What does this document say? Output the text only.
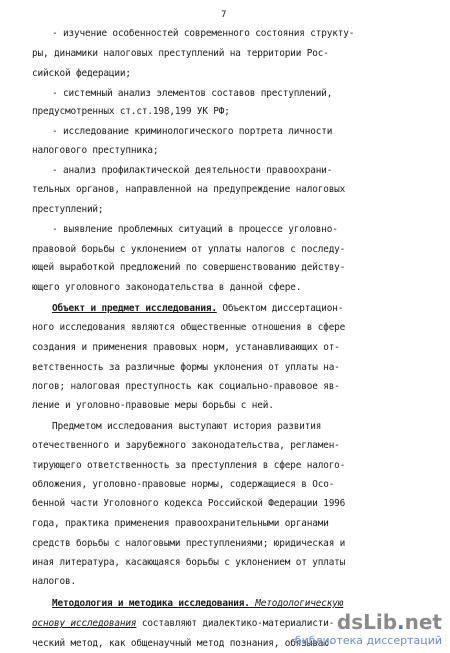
7
- изучение особенностей современного состояния структу-
ры, динамики налоговых преступлений на территории Рос-
сийской федерации;
- системный анализ элементов составов преступлений,
предусмотренных ст.ст.198,199 УК РФ;
- исследование криминологического портрета личности
налогового преступника;
- анализ профилактической деятельности правоохрани-
тельных органов, направленной на предупреждение налоговых
преступлений;
- выявление проблемных ситуаций в процессе уголовно-
правовой борьбы с уклонением от уплаты налогов с последу-
ющей выработкой предложений по совершенствованию действу-
ющего уголовного законодательства в данной сфере.
Объект и предмет исследования. Объектом диссертацион-
ного исследования являются общественные отношения в сфере
создания и применения правовых норм, устанавливающих от-
ветственность за различные формы уклонения от уплаты на-
логов; налоговая преступность как социально-правовое яв-
ление и уголовно-правовые меры борьбы с ней.
Предметом исследования выступают история развития
отечественного и зарубежного законодательства, регламен-
тирующего ответственность за преступления в сфере налого-
обложения, уголовно-правовые нормы, содержащиеся в Осо-
бенной части Уголовного кодекса Российской Федерации 1996
года, практика применения правоохранительными органами
средств борьбы с налоговыми преступлениями; юридическая и
иная литература, касающаяся борьбы с уклонением от уплаты
налогов.
Методология и методика исследования. Методологическую
основу исследования составляют диалектико-материалисти-
ческий метод, как общенаучный метод познания, обязываю-
dsLib.net
библиотека диссертаций
